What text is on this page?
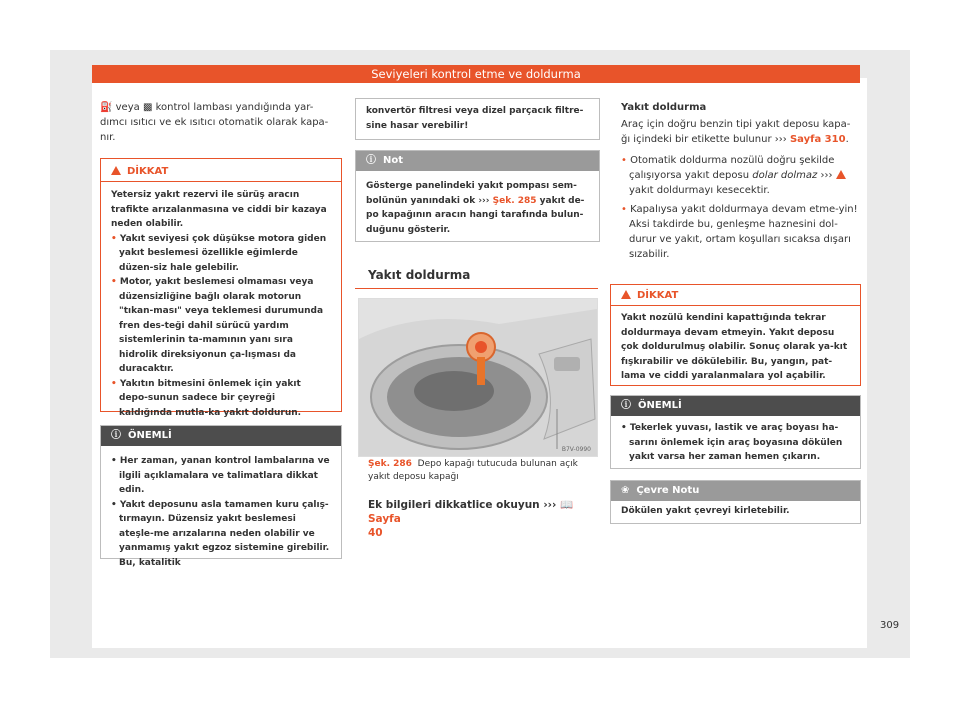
Seviyeleri kontrol etme ve doldurma

⛽ veya ▩ kontrol lambası yandığında yar-
dımcı ısıtıcı ve ek ısıtıcı otomatik olarak kapa-
nır.

DİKKAT

Yetersiz yakıt rezervi ile sürüş aracın trafikte arızalanmasına ve ciddi bir kazaya neden olabilir.

• Yakıt seviyesi çok düşükse motora giden yakıt beslemesi özellikle eğimlerde düzen-siz hale gelebilir.
• Motor, yakıt beslemesi olmaması veya düzensizliğine bağlı olarak motorun "tıkan-ması" veya teklemesi durumunda fren des-teği dahil sürücü yardım sistemlerinin ta-mamının yanı sıra hidrolik direksiyonun ça-lışması da duracaktır.
• Yakıtın bitmesini önlemek için yakıt depo-sunun sadece bir çeyreği kaldığında mutla-ka yakıt doldurun.
ⓘ  ÖNEMLİ
• Her zaman, yanan kontrol lambalarına ve ilgili açıklamalara ve talimatlara dikkat edin.
• Yakıt deposunu asla tamamen kuru çalış-tırmayın. Düzensiz yakıt beslemesi ateşle-me arızalarına neden olabilir ve yanmamış yakıt egzoz sistemine girebilir. Bu, katalitik
konvertör filtresi veya dizel parçacık filtre-sine hasar verebilir!
ⓘ  Not
Gösterge panelindeki yakıt pompası sem-bolünün yanındaki ok ››› Şek. 285 yakıt de-po kapağının aracın hangi tarafında bulun-duğunu gösterir.
Yakıt doldurma
B7V-0990
Şek. 286 Depo kapağı tutucuda bulunan açık yakıt deposu kapağı
Ek bilgileri dikkatlice okuyun ››› 📖 Sayfa
40

Yakıt doldurma

Araç için doğru benzin tipi yakıt deposu kapa-ğı içindeki bir etikette bulunur ››› Sayfa 310.

• Otomatik doldurma nozülü doğru şekilde çalışıyorsa yakıt deposu dolar dolmaz ›››
yakıt doldurmayı kesecektir.

• Kapalıysa yakıt doldurmaya devam etme-yin! Aksi takdirde bu, genleşme haznesini dol-durur ve yakıt, ortam koşulları sıcaksa dışarı sızabilir.

DİKKAT
Yakıt nozülü kendini kapattığında tekrar doldurmaya devam etmeyin. Yakıt deposu çok doldurulmuş olabilir. Sonuç olarak ya-kıt fışkırabilir ve dökülebilir. Bu, yangın, pat-lama ve ciddi yaralanmalara yol açabilir.
ⓘ  ÖNEMLİ
• Tekerlek yuvası, lastik ve araç boyası ha-sarını önlemek için araç boyasına dökülen yakıt varsa her zaman hemen çıkarın.
❀  Çevre Notu
Dökülen yakıt çevreyi kirletebilir.
309
